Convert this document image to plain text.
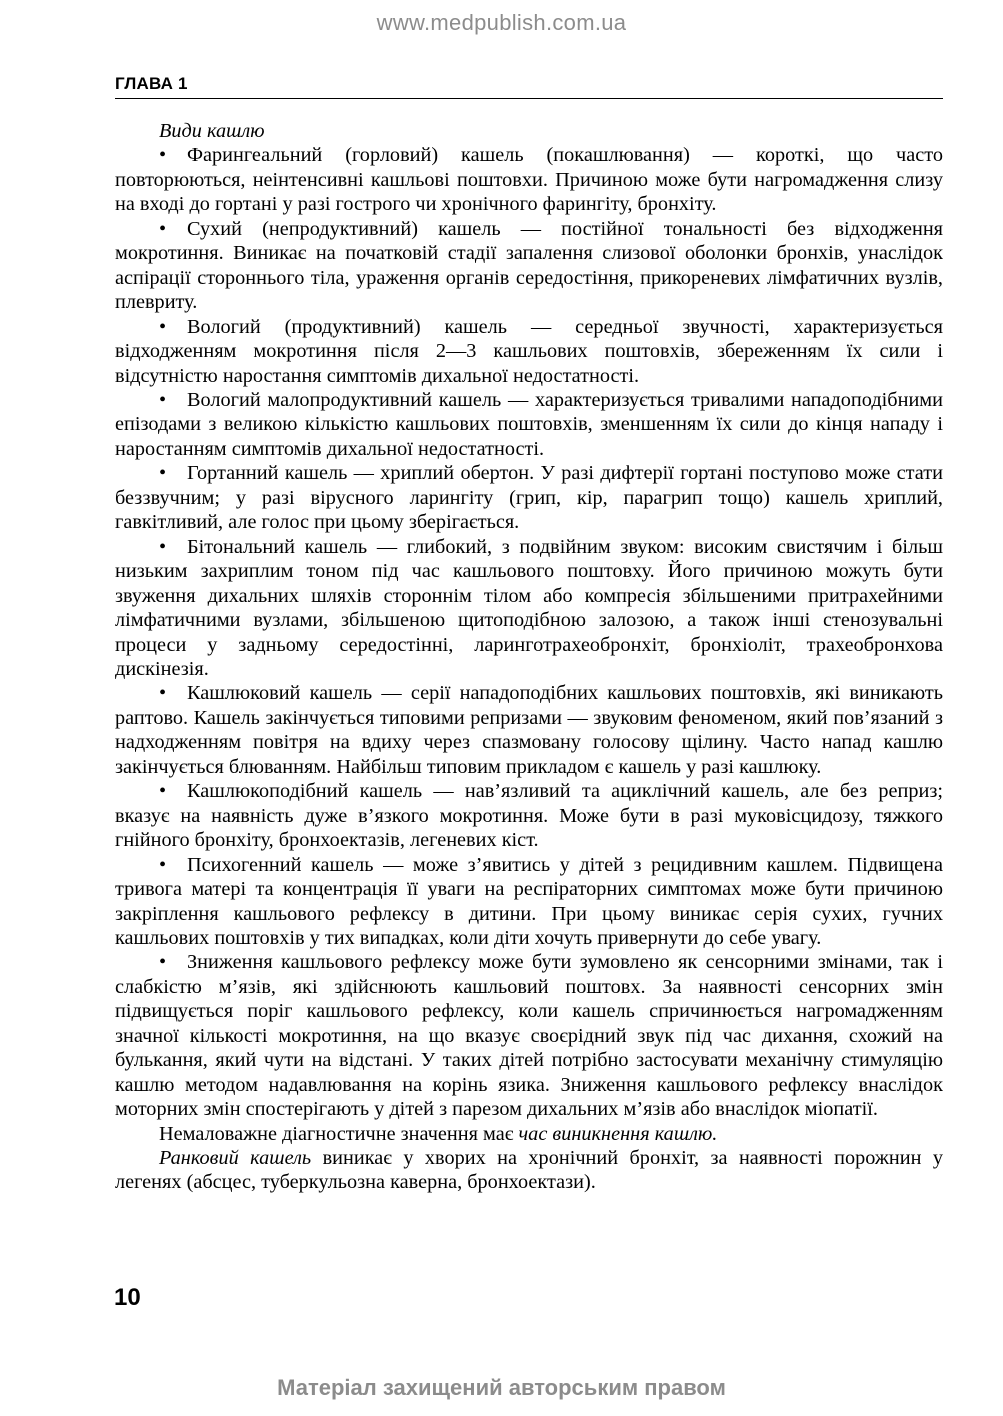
www.medpublish.com.ua
ГЛАВА 1

Види кашлю

• Фарингеальний (горловий) кашель (покашлювання) — короткі, що часто повторюються, неінтенсивні кашльові поштовхи. Причиною може бути нагромадження слизу на вході до гортані у разі гострого чи хронічного фарингіту, бронхіту.

• Сухий (непродуктивний) кашель — постійної тональності без відходження мокротиння. Виникає на початковій стадії запалення слизової оболонки бронхів, унаслідок аспірації стороннього тіла, ураження органів середостіння, прикореневих лімфатичних вузлів, плевриту.

• Вологий (продуктивний) кашель — середньої звучності, характеризується відходженням мокротиння після 2—3 кашльових поштовхів, збереженням їх сили і відсутністю наростання симптомів дихальної недостатності.

• Вологий малопродуктивний кашель — характеризується тривалими нападоподібними епізодами з великою кількістю кашльових поштовхів, зменшенням їх сили до кінця нападу і наростанням симптомів дихальної недостатності.

• Гортанний кашель — хриплий обертон. У разі дифтерії гортані поступово може стати беззвучним; у разі вірусного ларингіту (грип, кір, парагрип тощо) кашель хриплий, гавкітливий, але голос при цьому зберігається.

• Бітональний кашель — глибокий, з подвійним звуком: високим свистячим і більш низьким захриплим тоном під час кашльового поштовху. Його причиною можуть бути звуження дихальних шляхів стороннім тілом або компресія збільшеними притрахейними лімфатичними вузлами, збільшеною щитоподібною залозою, а також інші стенозувальні процеси у задньому середостінні, ларинготрахеобронхіт, бронхіоліт, трахеобронхова дискінезія.

• Кашлюковий кашель — серії нападоподібних кашльових поштовхів, які виникають раптово. Кашель закінчується типовими репризами — звуковим феноменом, який пов’язаний з надходженням повітря на вдиху через спазмовану голосову щілину. Часто напад кашлю закінчується блюванням. Найбільш типовим прикладом є кашель у разі кашлюку.

• Кашлюкоподібний кашель — нав’язливий та ациклічний кашель, але без реприз; вказує на наявність дуже в’язкого мокротиння. Може бути в разі муковісцидозу, тяжкого гнійного бронхіту, бронхоектазів, легеневих кіст.

• Психогенний кашель — може з’явитись у дітей з рецидивним кашлем. Підвищена тривога матері та концентрація її уваги на респіраторних симптомах може бути причиною закріплення кашльового рефлексу в дитини. При цьому виникає серія сухих, гучних кашльових поштовхів у тих випадках, коли діти хочуть привернути до себе увагу.

• Зниження кашльового рефлексу може бути зумовлено як сенсорними змінами, так і слабкістю м’язів, які здійснюють кашльовий поштовх. За наявності сенсорних змін підвищується поріг кашльового рефлексу, коли кашель спричинюється нагромадженням значної кількості мокротиння, на що вказує своєрідний звук під час дихання, схожий на булькання, який чути на відстані. У таких дітей потрібно застосувати механічну стимуляцію кашлю методом надавлювання на корінь язика. Зниження кашльового рефлексу внаслідок моторних змін спостерігають у дітей з парезом дихальних м’язів або внаслідок міопатії.

Немаловажне діагностичне значення має час виникнення кашлю.

Ранковий кашель виникає у хворих на хронічний бронхіт, за наявності порожнин у легенях (абсцес, туберкульозна каверна, бронхоектази).

10
Матеріал захищений авторським правом
